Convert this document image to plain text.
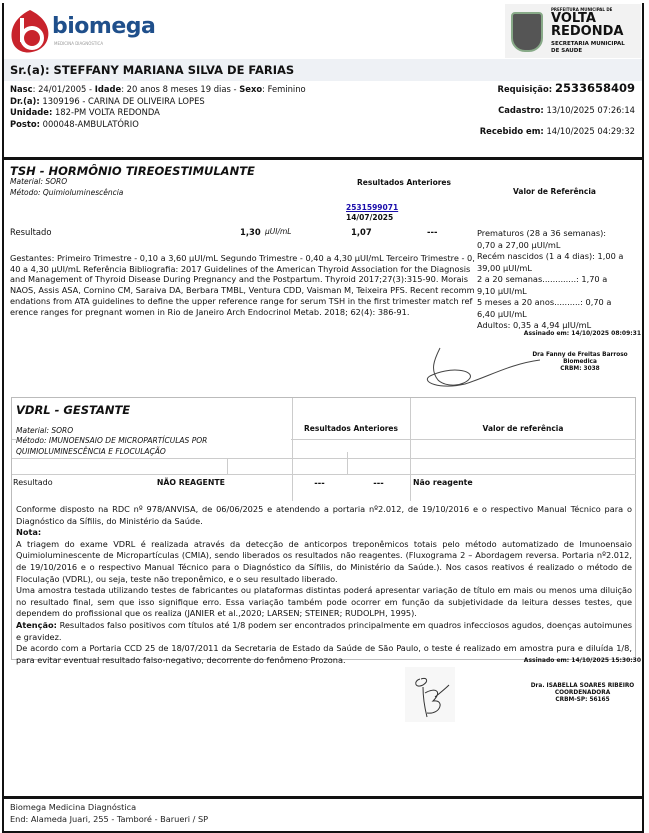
biomega
MEDICINA DIAGNÓSTICA
PREFEITURA MUNICIPAL DE
VOLTA
REDONDA
SECRETARIA MUNICIPAL
DE SAUDE
Sr.(a): STEFFANY MARIANA SILVA DE FARIAS
Nasc: 24/01/2005 - Idade: 20 anos 8 meses 19 dias - Sexo: Feminino
Dr.(a): 1309196 - CARINA DE OLIVEIRA LOPES
Unidade: 182-PM VOLTA REDONDA
Posto: 000048-AMBULATÓRIO
Requisição: 2533658409
Cadastro: 13/10/2025 07:26:14
Recebido em: 14/10/2025 04:29:32
TSH - HORMÔNIO TIREOESTIMULANTE
Material: SORO
Método: Quimioluminescência
Resultados Anteriores
Valor de Referência
2531599071
14/07/2025
Resultado	1,30 µUI/mL	1,07	---	Prematuros (28 a 36 semanas):
0,70 a 27,00 µUI/mL
Recém nascidos (1 a 4 dias): 1,00 a
39,00 µUI/mL
2 a 20 semanas.............: 1,70 a
9,10 µUI/mL
5 meses a 20 anos..........: 0,70 a
6,40 µUI/mL
Adultos: 0,35 a 4,94 µIU/mL

Gestantes: Primeiro Trimestre - 0,10 a 3,60 µUI/mL Segundo Trimestre - 0,40 a 4,30 µUI/mL Terceiro Trimestre - 0,40 a 4,30 µUI/mL Referência Bibliografia: 2017 Guidelines of the American Thyroid Association for the Diagnosis and Management of Thyroid Disease During Pregnancy and the Postpartum. Thyroid 2017;27(3):315-90. Morais NAOS, Assis ASA, Cornino CM, Saraiva DA, Berbara TMBL, Ventura CDD, Vaisman M, Teixeira PFS. Recent recommendations from ATA guidelines to define the upper reference range for serum TSH in the first trimester match reference ranges for pregnant women in Rio de Janeiro Arch Endocrinol Metab. 2018; 62(4): 386-91.

Assinado em: 14/10/2025 08:09:31
Dra Fanny de Freitas Barroso
Biomedica
CRBM: 3038
VDRL - GESTANTE
Material: SORO
Método: IMUNOENSAIO DE MICROPARTÍCULAS POR QUIMIOLUMINESCÊNCIA E FLOCULAÇÃO
Resultados Anteriores	Valor de referência
Resultado	NÃO REAGENTE	---	---	Não reagente

Conforme disposto na RDC nº 978/ANVISA, de 06/06/2025 e atendendo a portaria nº2.012, de 19/10/2016 e o respectivo Manual Técnico para o Diagnóstico da Sífilis, do Ministério da Saúde.

Nota:

A triagem do exame VDRL é realizada através da detecção de anticorpos treponêmicos totais pelo método automatizado de Imunoensaio Quimioluminescente de Micropartículas (CMIA), sendo liberados os resultados não reagentes. (Fluxograma 2 – Abordagem reversa. Portaria nº2.012, de 19/10/2016 e o respectivo Manual Técnico para o Diagnóstico da Sífilis, do Ministério da Saúde.). Nos casos reativos é realizado o método de Floculação (VDRL), ou seja, teste não treponêmico, e o seu resultado liberado.

Uma amostra testada utilizando testes de fabricantes ou plataformas distintas poderá apresentar variação de título em mais ou menos uma diluição no resultado final, sem que isso signifique erro. Essa variação também pode ocorrer em função da subjetividade da leitura desses testes, que dependem do profissional que os realiza (JANIER et al.,2020; LARSEN; STEINER; RUDOLPH, 1995).

Atenção: Resultados falso positivos com títulos até 1/8 podem ser encontrados principalmente em quadros infecciosos agudos, doenças autoimunes e gravidez.

De acordo com a Portaria CCD 25 de 18/07/2011 da Secretaria de Estado da Saúde de São Paulo, o teste é realizado em amostra pura e diluída 1/8, para evitar eventual resultado falso-negativo, decorrente do fenômeno Prozona.	Assinado em: 14/10/2025 15:30:30
Dra. ISABELLA SOARES RIBEIRO
COORDENADORA
CRBM-SP: 56165
Biomega Medicina Diagnóstica
End: Alameda Juari, 255 - Tamboré - Barueri / SP
